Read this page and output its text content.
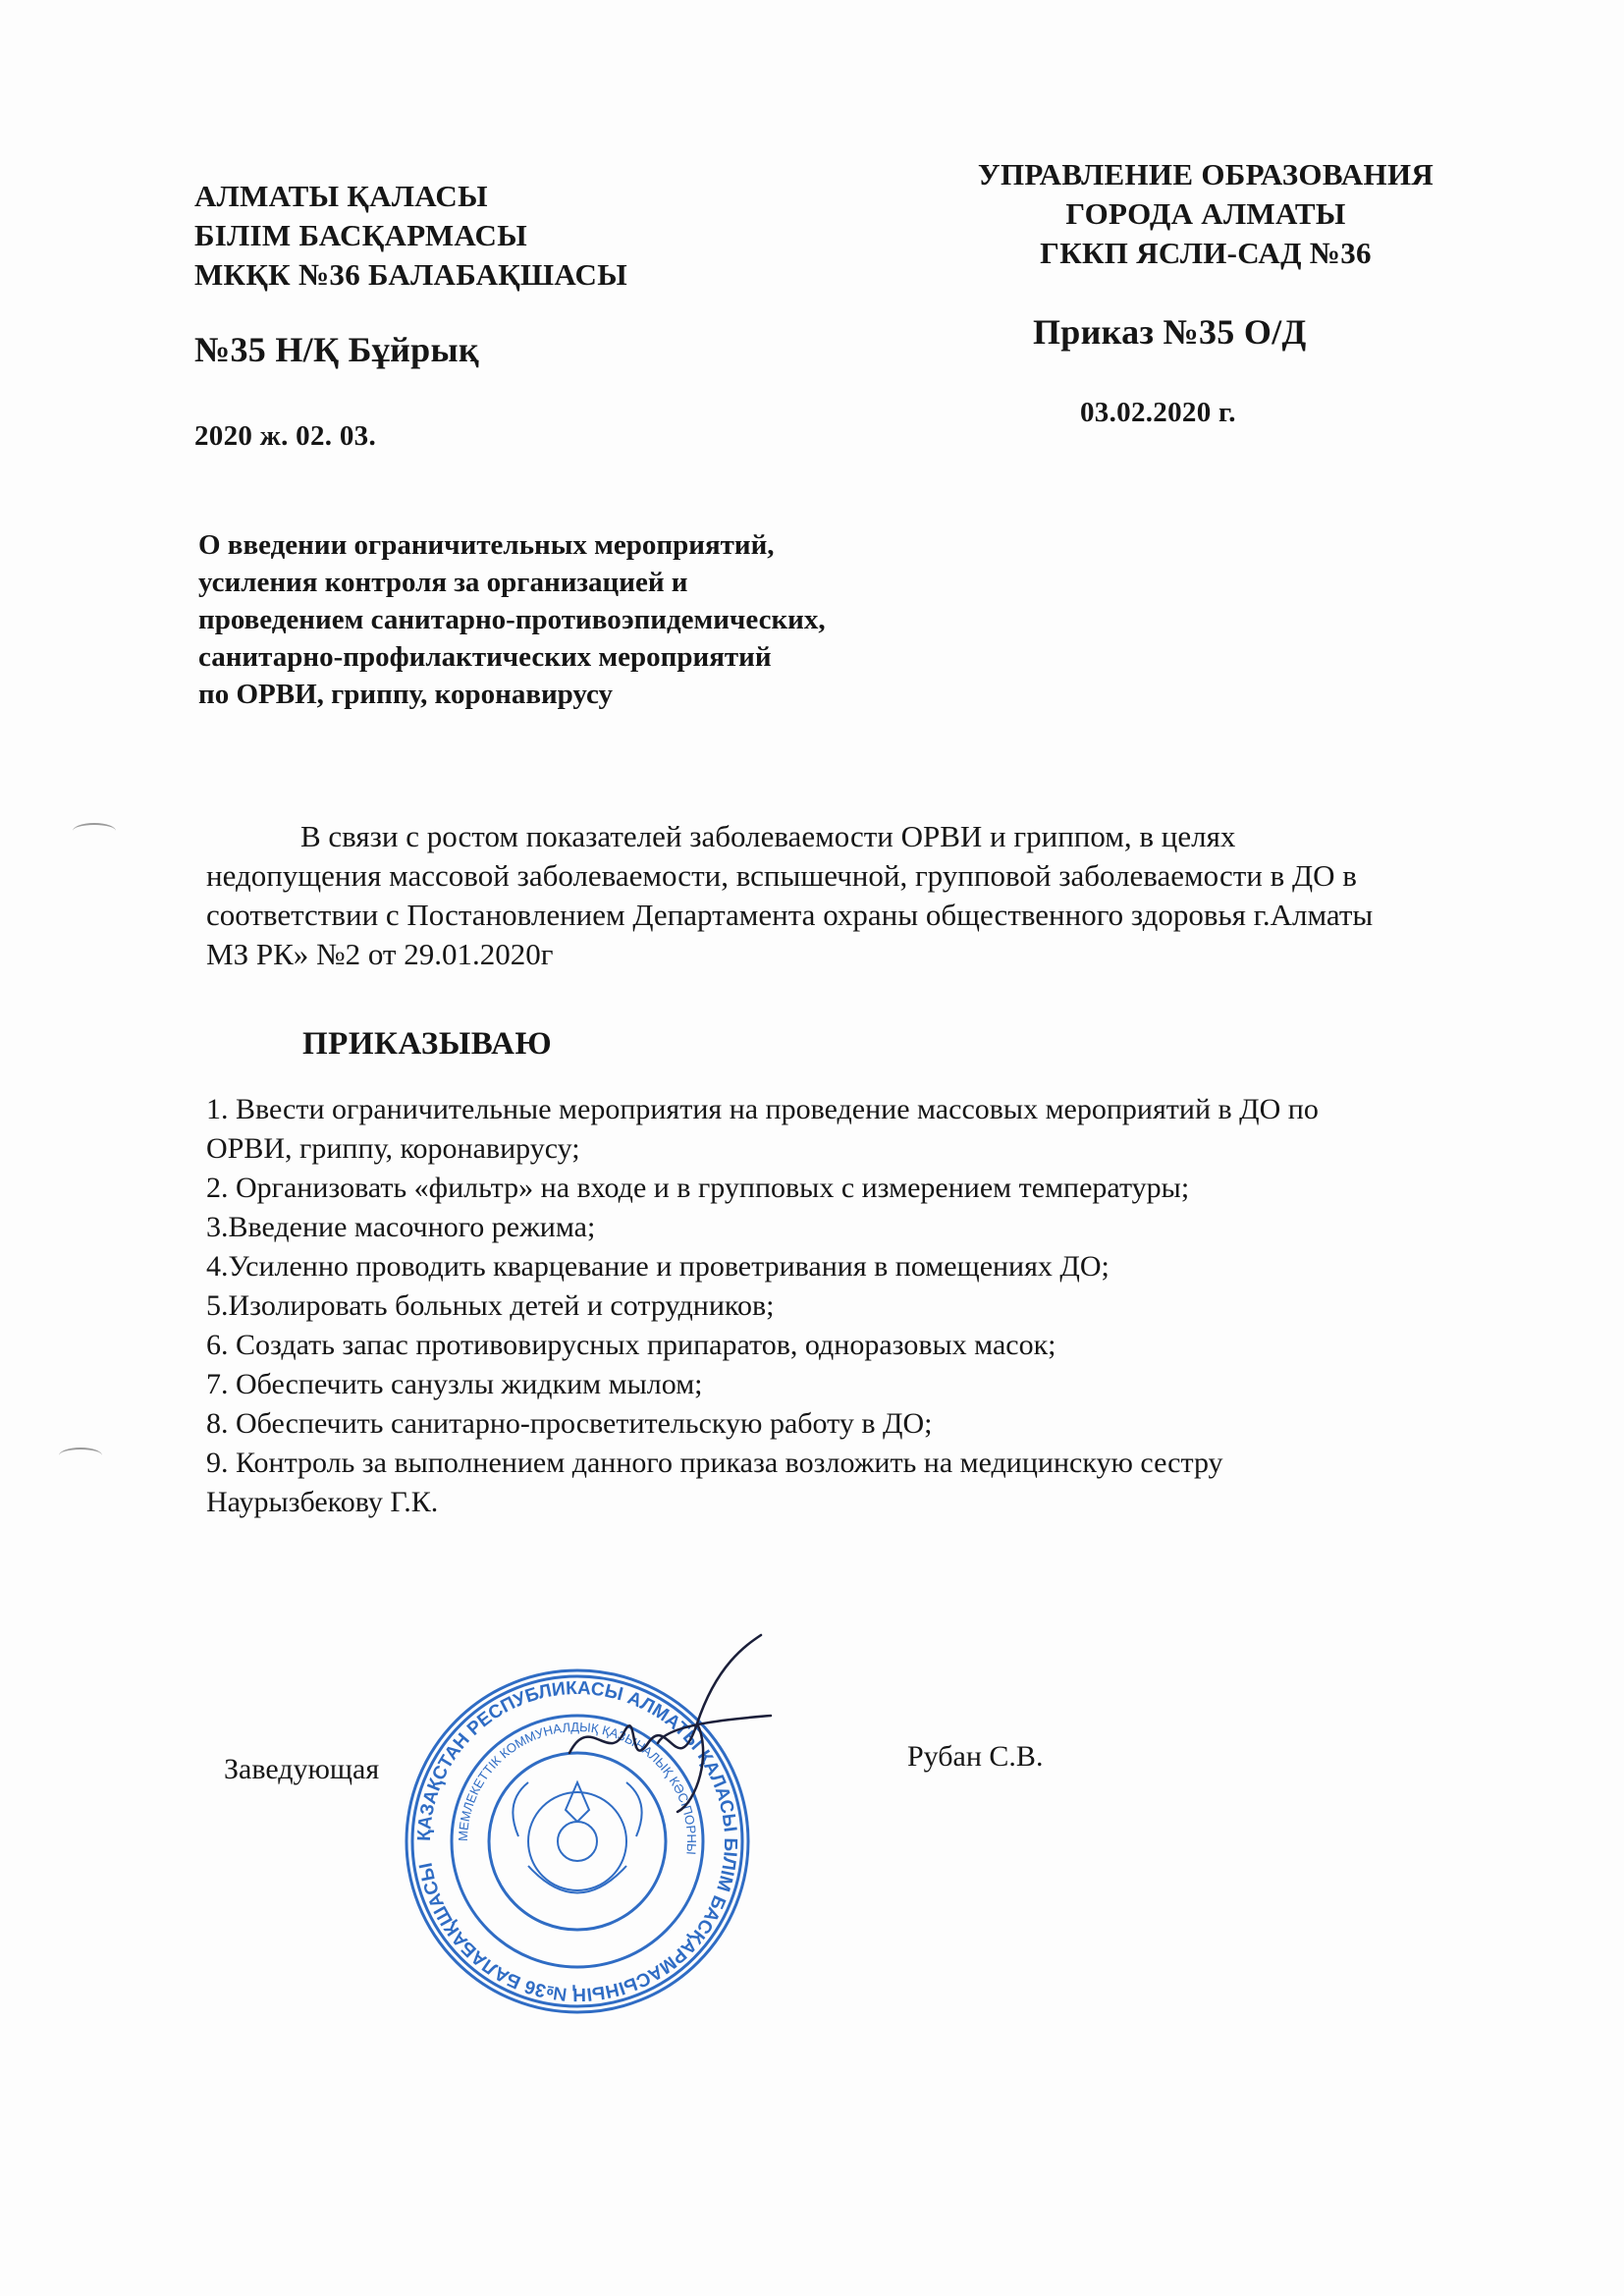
АЛМАТЫ ҚАЛАСЫ
БІЛІМ БАСҚАРМАСЫ
МКҚК №36 БАЛАБАҚШАСЫ
УПРАВЛЕНИЕ ОБРАЗОВАНИЯ
ГОРОДА АЛМАТЫ
ГККП ЯСЛИ-САД №36
№35 Н/Қ Бұйрық	Приказ №35 О/Д
2020 ж. 02. 03.
03.02.2020 г.
О введении ограничительных мероприятий,
усиления контроля за организацией и
проведением санитарно-противоэпидемических,
санитарно-профилактических мероприятий
по ОРВИ, гриппу, коронавирусу
В связи с ростом показателей заболеваемости ОРВИ и гриппом, в целях
недопущения массовой заболеваемости, вспышечной, групповой заболеваемости в ДО в
соответствии с Постановлением Департамента охраны общественного здоровья г.Алматы
МЗ РК» №2 от 29.01.2020г
ПРИКАЗЫВАЮ
1. Ввести ограничительные мероприятия на проведение массовых мероприятий в ДО по
ОРВИ, гриппу, коронавирусу;
2. Организовать «фильтр» на входе и в групповых с измерением температуры;
3.Введение масочного режима;
4.Усиленно проводить кварцевание и проветривания в помещениях ДО;
5.Изолировать больных детей и сотрудников;
6. Создать запас противовирусных припаратов, одноразовых масок;
7. Обеспечить санузлы жидким мылом;
8. Обеспечить санитарно-просветительскую работу в ДО;
9. Контроль за выполнением данного приказа возложить на медицинскую сестру
Наурызбекову Г.К.
Заведующая	Рубан С.В.
ҚАЗАҚСТАН РЕСПУБЛИКАСЫ АЛМАТЫ ҚАЛАСЫ БІЛІМ БАСҚАРМАСЫНЫҢ №36 БАЛАБАҚШАСЫ
МЕМЛЕКЕТТІК КОММУНАЛДЫҚ ҚАЗЫНАЛЫҚ КӘСІПОРНЫ
